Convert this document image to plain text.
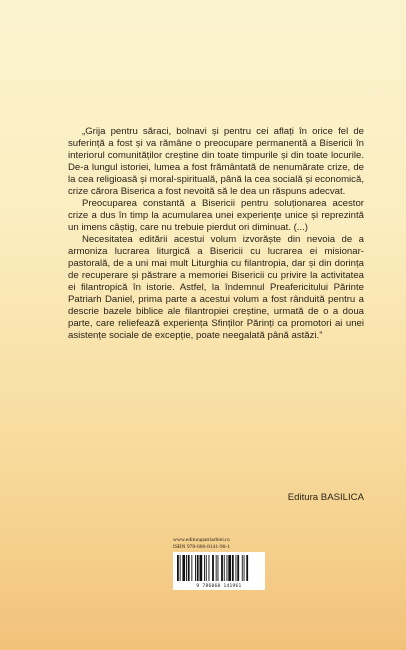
„Grija pentru săraci, bolnavi și pentru cei aflați în orice fel de suferință a fost și va rămâne o preocupare permanentă a Bisericii în interiorul comunităților creștine din toate timpurile și din toate locurile. De-a lungul istoriei, lumea a fost frământată de nenumărate crize, de la cea religioasă și moral-spirituală, până la cea socială și economică, crize cărora Biserica a fost nevoită să le dea un răspuns adecvat.

Preocuparea constantă a Bisericii pentru soluționarea acestor crize a dus în timp la acumularea unei experiențe unice și reprezintă un imens câștig, care nu trebuie pierdut ori diminuat. (...)

Necesitatea editării acestui volum izvorăște din nevoia de a armoniza lucrarea liturgică a Bisericii cu lucrarea ei misionar-pastorală, de a uni mai mult Liturghia cu filantropia, dar și din dorința de recuperare și păstrare a memoriei Bisericii cu privire la activitatea ei filantropică în istorie. Astfel, la îndemnul Preafericitului Părinte Patriarh Daniel, prima parte a acestui volum a fost rânduită pentru a descrie bazele biblice ale filantropiei creștine, urmată de o a doua parte, care reliefează experiența Sfinților Părinți ca promotori ai unei asistențe sociale de excepție, poate neegalată până astăzi.”

Editura BASILICA
www.editurapatriarhiei.ro
ISBN 978-606-8141-96-1
9 786068 141961
